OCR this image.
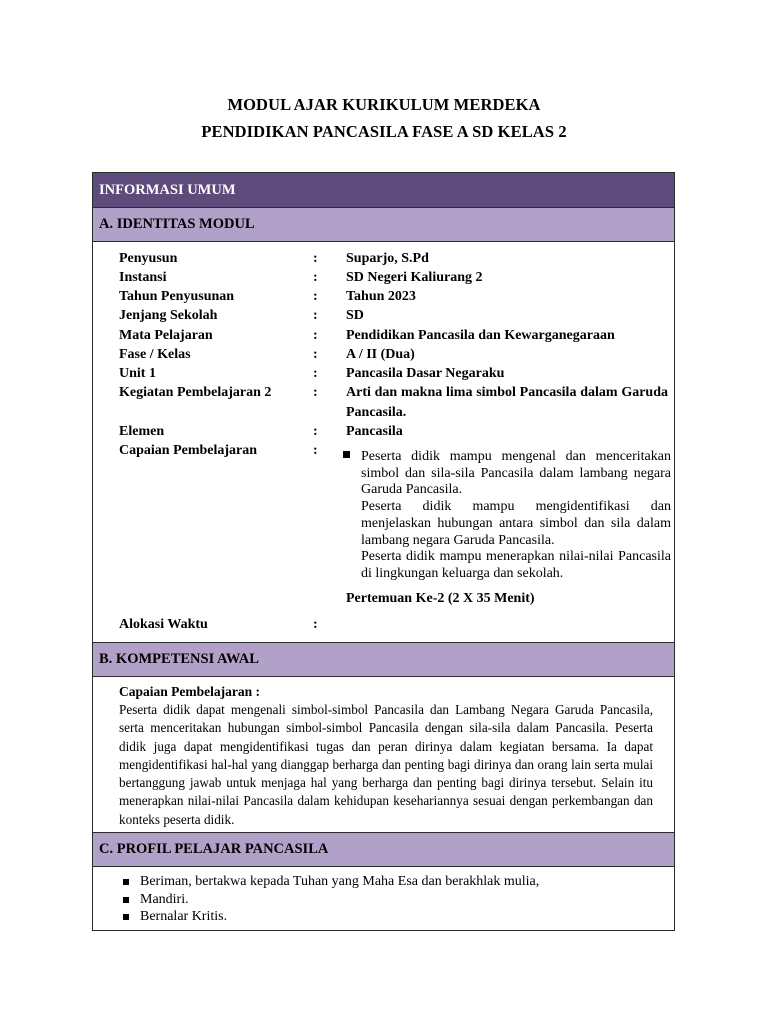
MODUL AJAR KURIKULUM MERDEKA
PENDIDIKAN PANCASILA FASE A SD KELAS 2
INFORMASI UMUM
A. IDENTITAS MODUL
Penyusun	: Suparjo, S.Pd
Instansi	: SD Negeri Kaliurang 2
Tahun Penyusunan	: Tahun 2023
Jenjang Sekolah	: SD
Mata Pelajaran	: Pendidikan Pancasila dan Kewarganegaraan
Fase / Kelas	: A / II (Dua)
Unit 1	: Pancasila Dasar Negaraku
Kegiatan Pembelajaran 2	: Arti dan makna lima simbol Pancasila dalam Garuda Pancasila.
Elemen	: Pancasila
Capaian Pembelajaran	:	Peserta didik mampu mengenal dan menceritakan simbol dan sila-sila Pancasila dalam lambang negara Garuda Pancasila.

Peserta didik mampu mengidentifikasi dan menjelaskan hubungan antara simbol dan sila dalam lambang negara Garuda Pancasila.

Peserta didik mampu menerapkan nilai-nilai Pancasila di lingkungan keluarga dan sekolah.

Pertemuan Ke-2 (2 X 35 Menit)
Alokasi Waktu	:
B. KOMPETENSI AWAL
Capaian Pembelajaran :
Peserta didik dapat mengenali simbol-simbol Pancasila dan Lambang Negara Garuda Pancasila, serta menceritakan hubungan simbol-simbol Pancasila dengan sila-sila dalam Pancasila. Peserta didik juga dapat mengidentifikasi tugas dan peran dirinya dalam kegiatan bersama. Ia dapat mengidentifikasi hal-hal yang dianggap berharga dan penting bagi dirinya dan orang lain serta mulai bertanggung jawab untuk menjaga hal yang berharga dan penting bagi dirinya tersebut. Selain itu menerapkan nilai-nilai Pancasila dalam kehidupan kesehariannya sesuai dengan perkembangan dan konteks peserta didik.
C. PROFIL PELAJAR PANCASILA
Beriman, bertakwa kepada Tuhan yang Maha Esa dan berakhlak mulia,
Mandiri.
Bernalar Kritis.
